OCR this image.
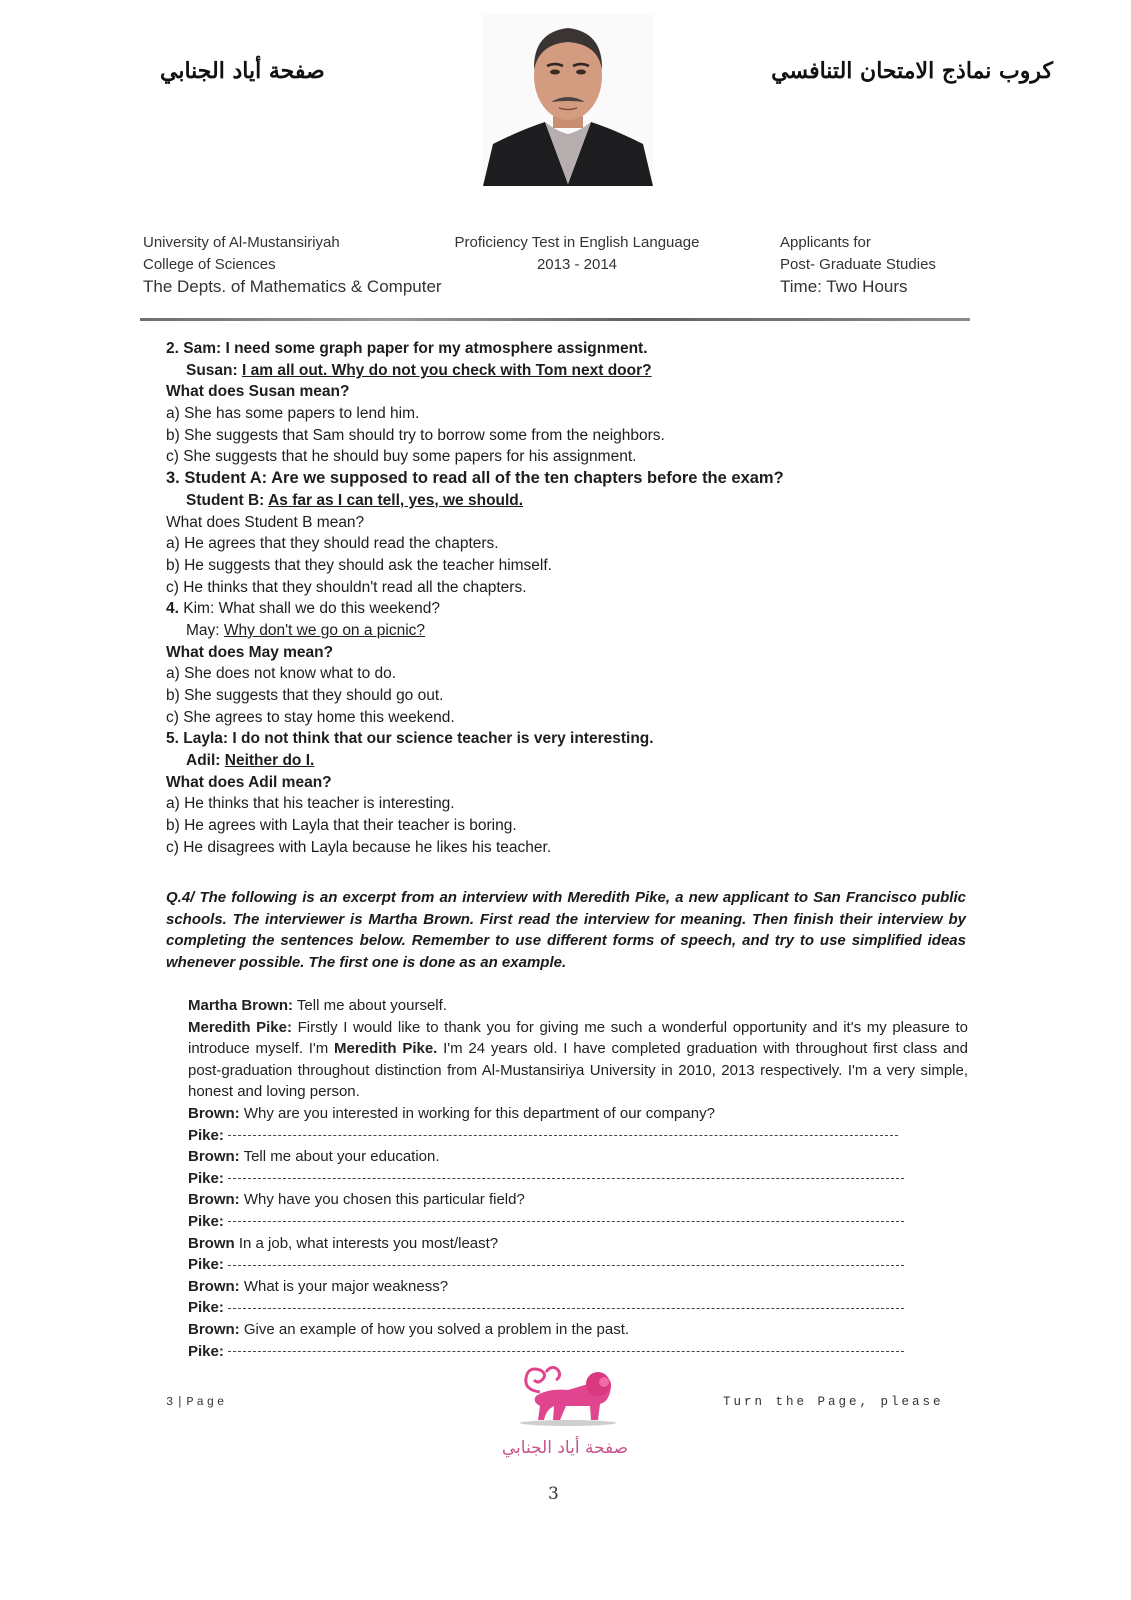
صفحة أياد الجنابي	كروب نماذج الامتحان التنافسي
University of Al-Mustansiriyah
College of Sciences
The Depts. of Mathematics & Computer
Proficiency Test in English Language
2013 - 2014
Applicants for
Post- Graduate Studies
Time: Two Hours
2. Sam: I need some graph paper for my atmosphere assignment.
Susan: I am all out. Why do not you check with Tom next door?
What does Susan mean?
a) She has some papers to lend him.
b) She suggests that Sam should try to borrow some from the neighbors.
c) She suggests that he should buy some papers for his assignment.
3. Student A: Are we supposed to read all of the ten chapters before the exam?
Student B: As far as I can tell, yes, we should.
What does Student B mean?
a) He agrees that they should read the chapters.
b) He suggests that they should ask the teacher himself.
c) He thinks that they shouldn't read all the chapters.
4. Kim: What shall we do this weekend?
May: Why don't we go on a picnic?
What does May mean?
a) She does not know what to do.
b) She suggests that they should go out.
c) She agrees to stay home this weekend.
5. Layla: I do not think that our science teacher is very interesting.
Adil: Neither do I.
What does Adil mean?
a) He thinks that his teacher is interesting.
b) He agrees with Layla that their teacher is boring.
c) He disagrees with Layla because he likes his teacher.
Q.4/ The following is an excerpt from an interview with Meredith Pike, a new applicant to San Francisco public schools. The interviewer is Martha Brown. First read the interview for meaning. Then finish their interview by completing the sentences below. Remember to use different forms of speech, and try to use simplified ideas whenever possible. The first one is done as an example.
Martha Brown: Tell me about yourself.
Meredith Pike: Firstly I would like to thank you for giving me such a wonderful opportunity and it's my pleasure to introduce myself. I'm Meredith Pike. I'm 24 years old. I have completed graduation with throughout first class and post-graduation throughout distinction from Al-Mustansiriya University in 2010, 2013 respectively. I'm a very simple, honest and loving person.
Brown: Why are you interested in working for this department of our company?
Pike:
Brown: Tell me about your education.
Pike:
Brown: Why have you chosen this particular field?
Pike:
Brown In a job, what interests you most/least?
Pike:
Brown: What is your major weakness?
Pike:
Brown: Give an example of how you solved a problem in the past.
Pike:
3|Page	Turn the Page, please
صفحة أياد الجنابي
3
